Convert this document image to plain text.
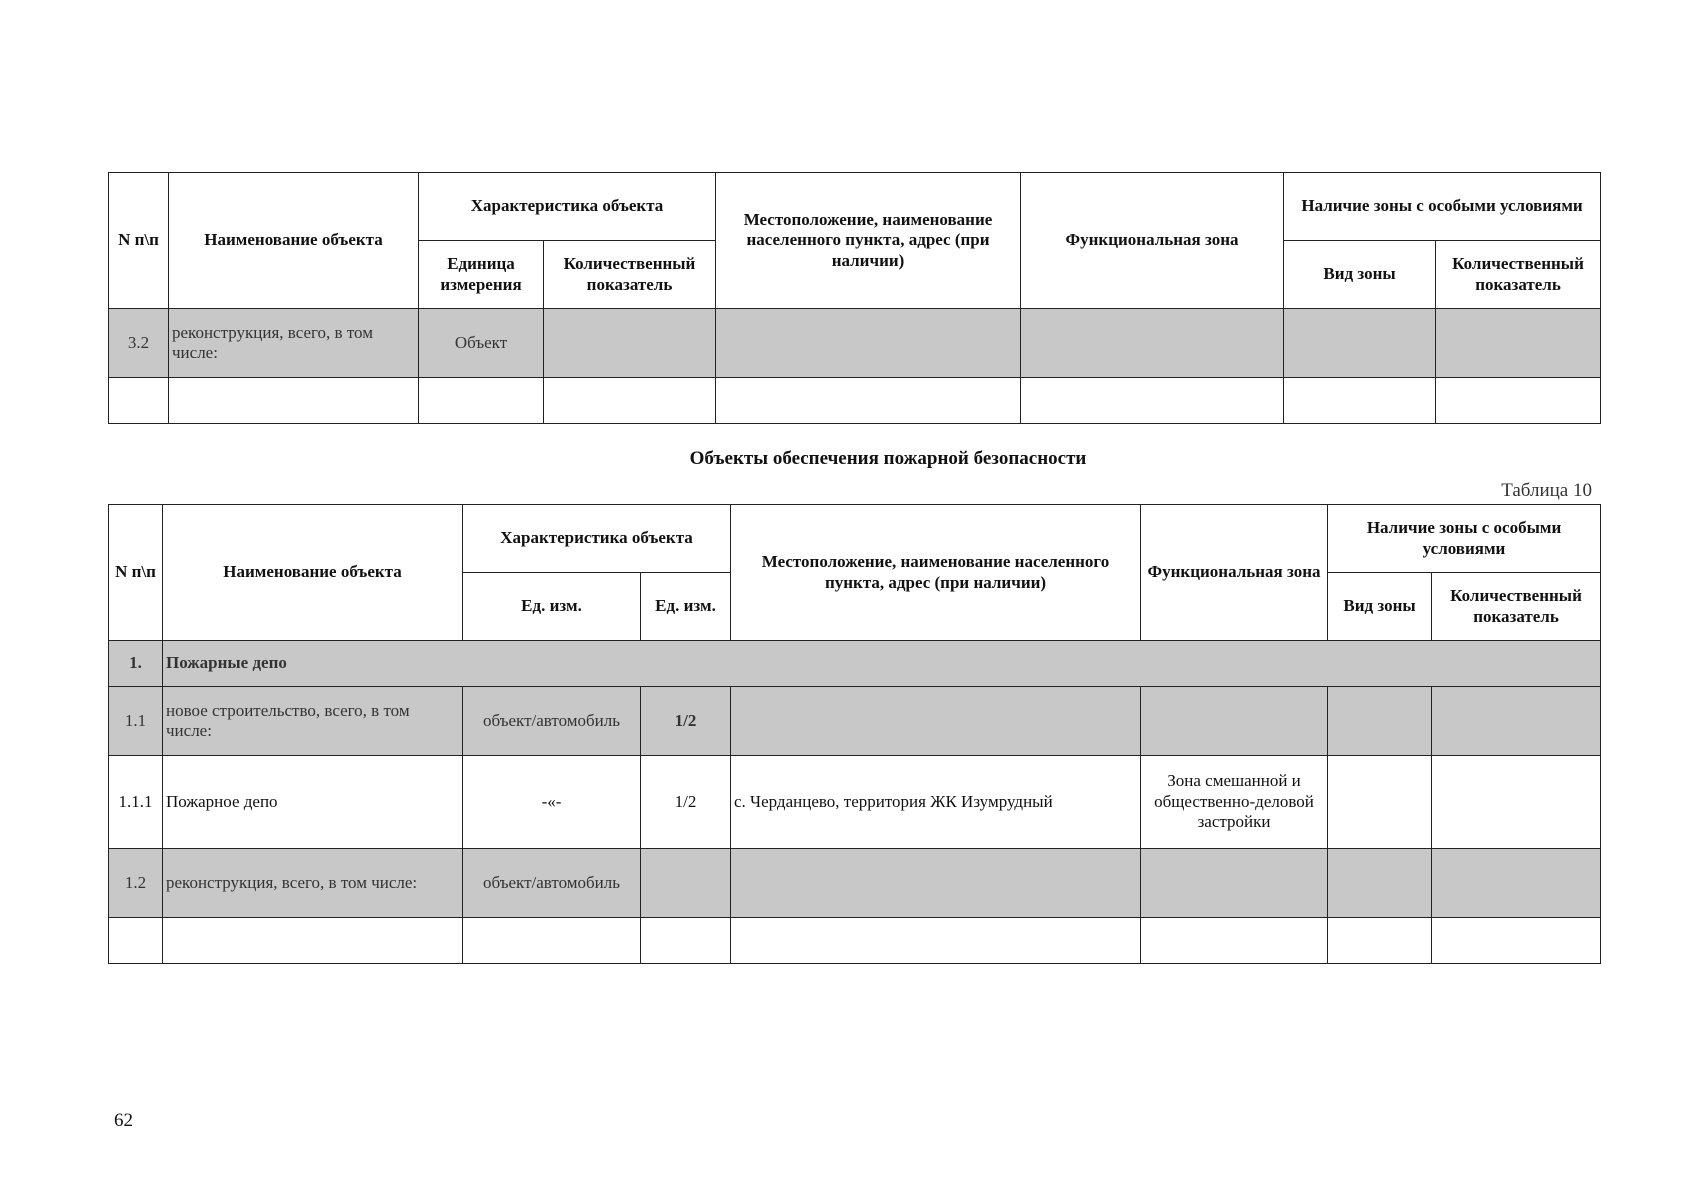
N п\п	Наименование объекта	Характеристика объекта		Местоположение, наименование населенного пункта, адрес (при наличии)	Функциональная зона	Наличие зоны с особыми условиями	
		Единица измерения	Количественный показатель			Вид зоны	Количественный показатель
3.2	реконструкция, всего, в том числе:	Объект					

Объекты обеспечения пожарной безопасности
Таблица 10
N п\п	Наименование объекта	Характеристика объекта		Местоположение, наименование населенного пункта, адрес (при наличии)	Функциональная зона	Наличие зоны с особыми условиями	
		Ед. изм.	Ед. изм.			Вид зоны	Количественный показатель
1.	Пожарные депо						
1.1	новое строительство, всего, в том числе:	объект/автомобиль	1/2				
1.1.1	Пожарное депо	-«-	1/2	с. Черданцево, территория ЖК Изумрудный	Зона смешанной и общественно-деловой застройки		
1.2	реконструкция, всего, в том числе:	объект/автомобиль					

62
